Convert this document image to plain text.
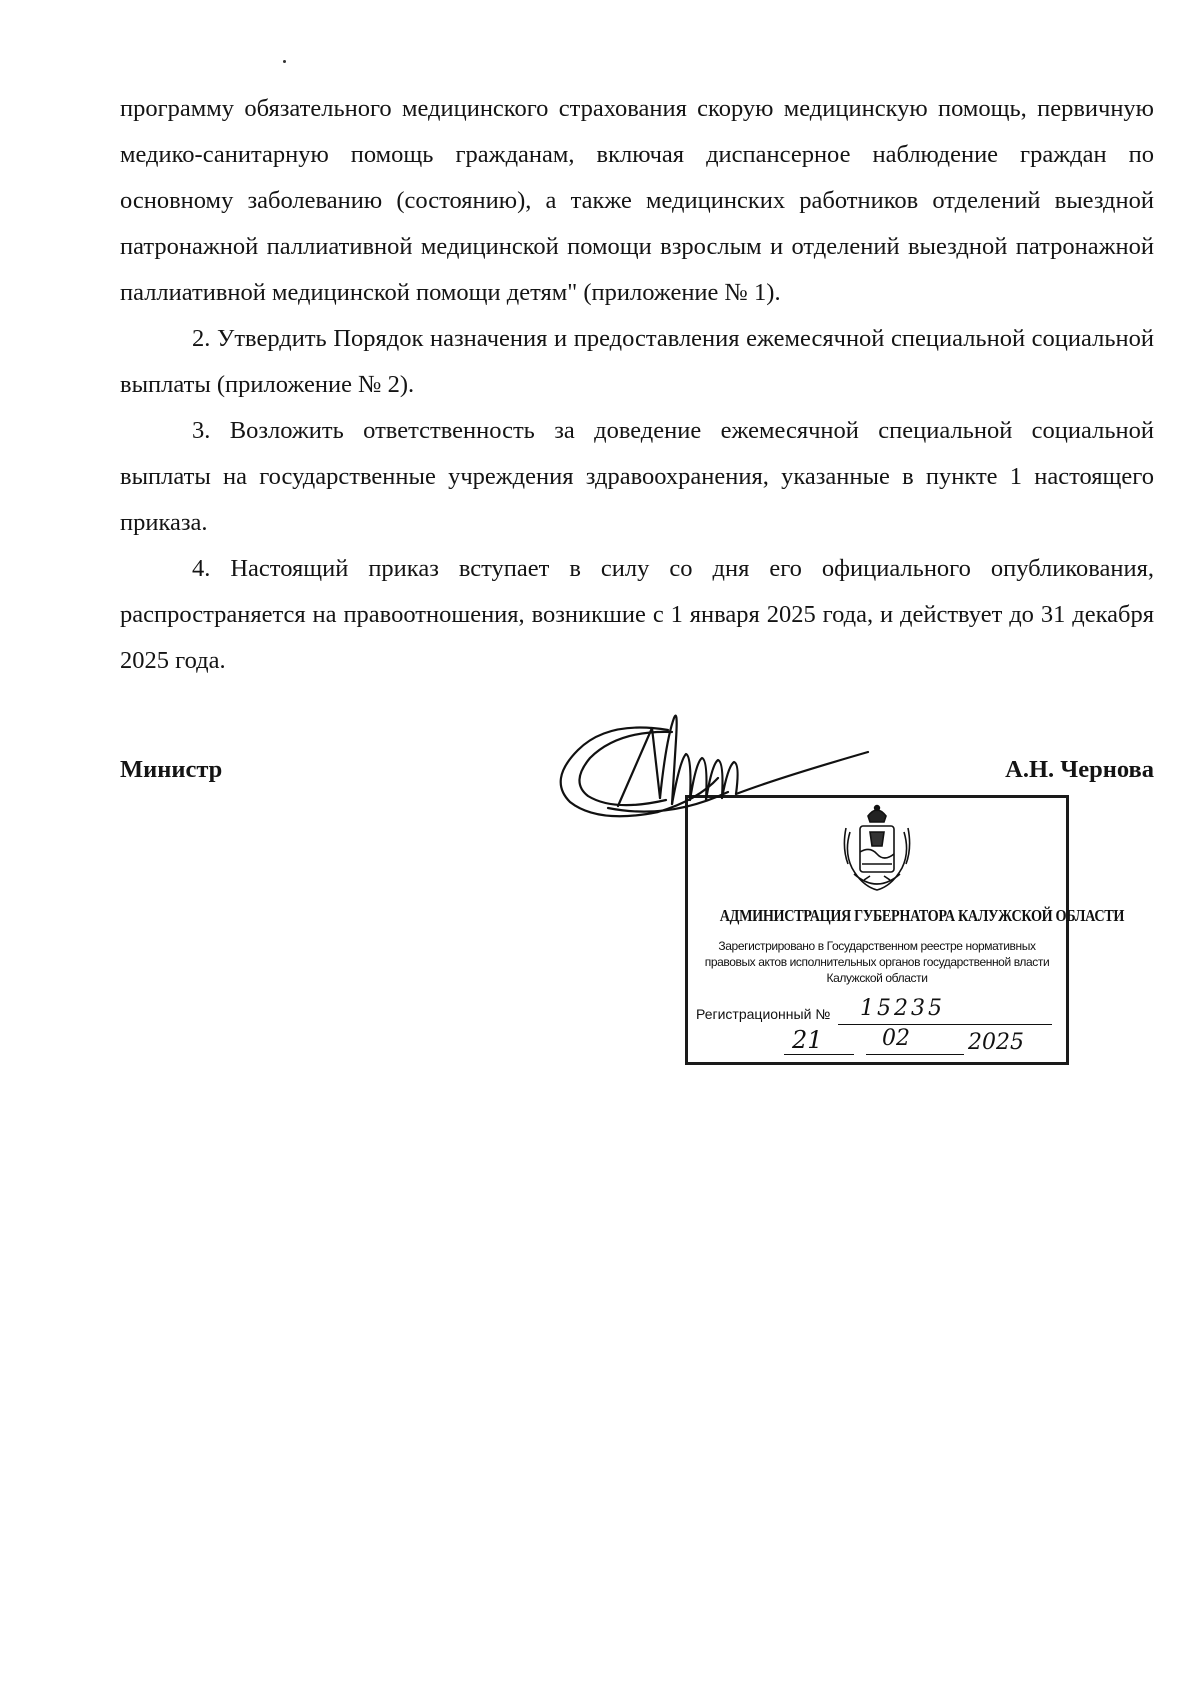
программу обязательного медицинского страхования скорую медицинскую помощь, первичную медико-санитарную помощь гражданам, включая диспансерное наблюдение граждан по основному заболеванию (состоянию), а также медицинских работников отделений выездной патронажной паллиативной медицинской помощи взрослым и отделений выездной патронажной паллиативной медицинской помощи детям" (приложение № 1).

2. Утвердить Порядок назначения и предоставления ежемесячной специальной социальной выплаты (приложение № 2).

3. Возложить ответственность за доведение ежемесячной специальной социальной выплаты на государственные учреждения здравоохранения, указанные в пункте 1 настоящего приказа.

4. Настоящий приказ вступает в силу со дня его официального опубликования, распространяется на правоотношения, возникшие с 1 января 2025 года, и действует до 31 декабря 2025 года.

Министр	А.Н. Чернова
АДМИНИСТРАЦИЯ ГУБЕРНАТОРА КАЛУЖСКОЙ ОБЛАСТИ
Зарегистрировано в Государственном реестре нормативных
правовых актов исполнительных органов государственной власти
Калужской области
Регистрационный № 15235
21	02	2025
